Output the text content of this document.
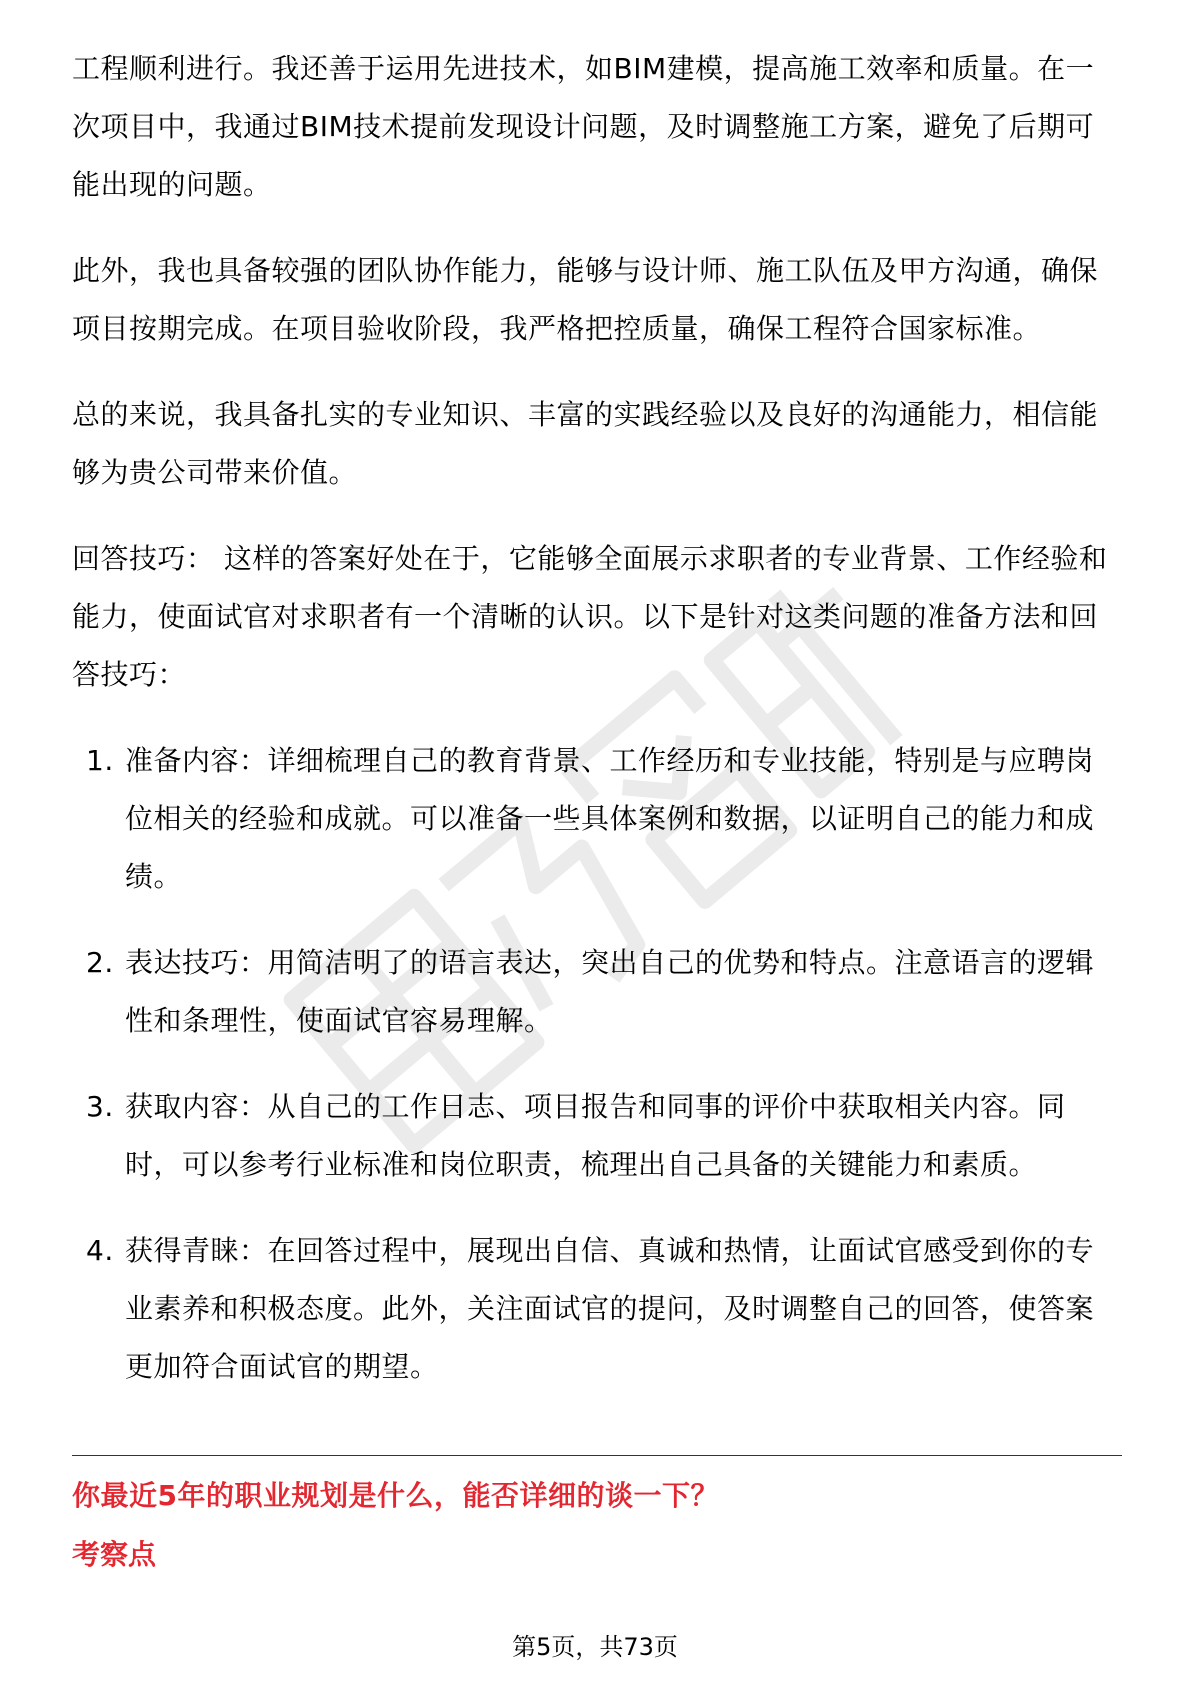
工程顺利进行。我还善于运用先进技术，如BIM建模，提高施工效率和质量。在一次项目中，我通过BIM技术提前发现设计问题，及时调整施工方案，避免了后期可能出现的问题。

此外，我也具备较强的团队协作能力，能够与设计师、施工队伍及甲方沟通，确保项目按期完成。在项目验收阶段，我严格把控质量，确保工程符合国家标准。

总的来说，我具备扎实的专业知识、丰富的实践经验以及良好的沟通能力，相信能够为贵公司带来价值。

回答技巧： 这样的答案好处在于，它能够全面展示求职者的专业背景、工作经验和能力，使面试官对求职者有一个清晰的认识。以下是针对这类问题的准备方法和回答技巧：

1. 准备内容：详细梳理自己的教育背景、工作经历和专业技能，特别是与应聘岗位相关的经验和成就。可以准备一些具体案例和数据，以证明自己的能力和成绩。
2. 表达技巧：用简洁明了的语言表达，突出自己的优势和特点。注意语言的逻辑性和条理性，使面试官容易理解。
3. 获取内容：从自己的工作日志、项目报告和同事的评价中获取相关内容。同时，可以参考行业标准和岗位职责，梳理出自己具备的关键能力和素质。
4. 获得青睐：在回答过程中，展现出自信、真诚和热情，让面试官感受到你的专业素养和积极态度。此外，关注面试官的提问，及时调整自己的回答，使答案更加符合面试官的期望。
你最近5年的职业规划是什么，能否详细的谈一下？
考察点
第5页，共73页
